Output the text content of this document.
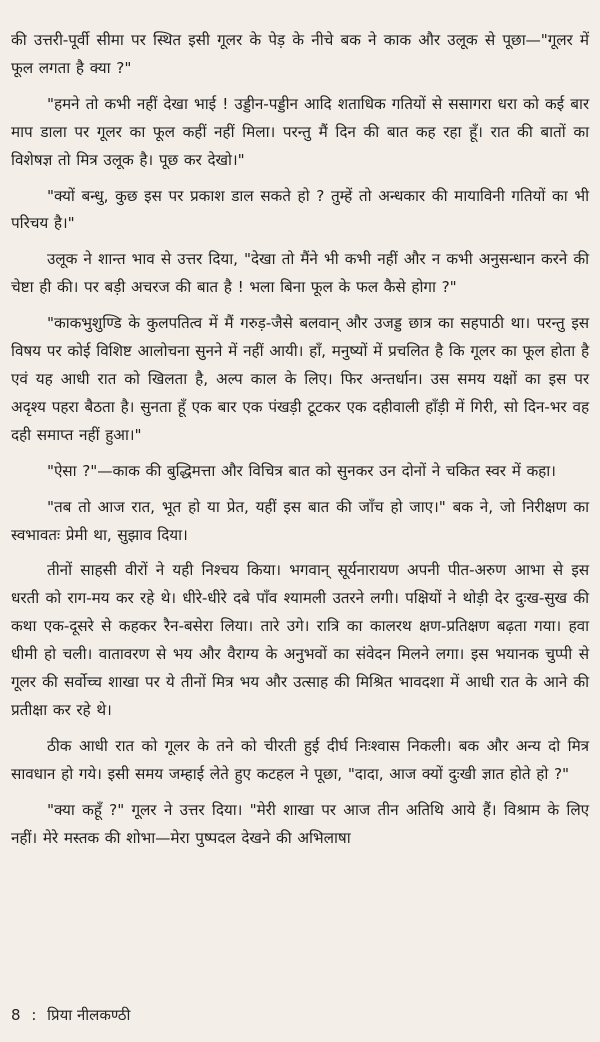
की उत्तरी-पूर्वी सीमा पर स्थित इसी गूलर के पेड़ के नीचे बक ने काक और उलूक से पूछा—"गूलर में फूल लगता है क्या ?"

"हमने तो कभी नहीं देखा भाई ! उड्डीन-पड्डीन आदि शताधिक गतियों से ससागरा धरा को कई बार माप डाला पर गूलर का फूल कहीं नहीं मिला। परन्तु मैं दिन की बात कह रहा हूँ। रात की बातों का विशेषज्ञ तो मित्र उलूक है। पूछ कर देखो।"

"क्यों बन्धु, कुछ इस पर प्रकाश डाल सकते हो ? तुम्हें तो अन्धकार की मायाविनी गतियों का भी परिचय है।"

उलूक ने शान्त भाव से उत्तर दिया, "देखा तो मैंने भी कभी नहीं और न कभी अनुसन्धान करने की चेष्टा ही की। पर बड़ी अचरज की बात है ! भला बिना फूल के फल कैसे होगा ?"

"काकभुशुण्डि के कुलपतित्व में मैं गरुड़-जैसे बलवान् और उजड्ड छात्र का सहपाठी था। परन्तु इस विषय पर कोई विशिष्ट आलोचना सुनने में नहीं आयी। हाँ, मनुष्यों में प्रचलित है कि गूलर का फूल होता है एवं यह आधी रात को खिलता है, अल्प काल के लिए। फिर अन्तर्धान। उस समय यक्षों का इस पर अदृश्य पहरा बैठता है। सुनता हूँ एक बार एक पंखड़ी टूटकर एक दहीवाली हाँड़ी में गिरी, सो दिन-भर वह दही समाप्त नहीं हुआ।"

"ऐसा ?"—काक की बुद्धिमत्ता और विचित्र बात को सुनकर उन दोनों ने चकित स्वर में कहा।

"तब तो आज रात, भूत हो या प्रेत, यहीं इस बात की जाँच हो जाए।" बक ने, जो निरीक्षण का स्वभावतः प्रेमी था, सुझाव दिया।

तीनों साहसी वीरों ने यही निश्चय किया। भगवान् सूर्यनारायण अपनी पीत-अरुण आभा से इस धरती को राग-मय कर रहे थे। धीरे-धीरे दबे पाँव श्यामली उतरने लगी। पक्षियों ने थोड़ी देर दुःख-सुख की कथा एक-दूसरे से कहकर रैन-बसेरा लिया। तारे उगे। रात्रि का कालरथ क्षण-प्रतिक्षण बढ़ता गया। हवा धीमी हो चली। वातावरण से भय और वैराग्य के अनुभवों का संवेदन मिलने लगा। इस भयानक चुप्पी से गूलर की सर्वोच्च शाखा पर ये तीनों मित्र भय और उत्साह की मिश्रित भावदशा में आधी रात के आने की प्रतीक्षा कर रहे थे।

ठीक आधी रात को गूलर के तने को चीरती हुई दीर्घ निःश्वास निकली। बक और अन्य दो मित्र सावधान हो गये। इसी समय जम्हाई लेते हुए कटहल ने पूछा, "दादा, आज क्यों दुःखी ज्ञात होते हो ?"

"क्या कहूँ ?" गूलर ने उत्तर दिया। "मेरी शाखा पर आज तीन अतिथि आये हैं। विश्राम के लिए नहीं। मेरे मस्तक की शोभा—मेरा पुष्पदल देखने की अभिलाषा

8 : प्रिया नीलकण्ठी
